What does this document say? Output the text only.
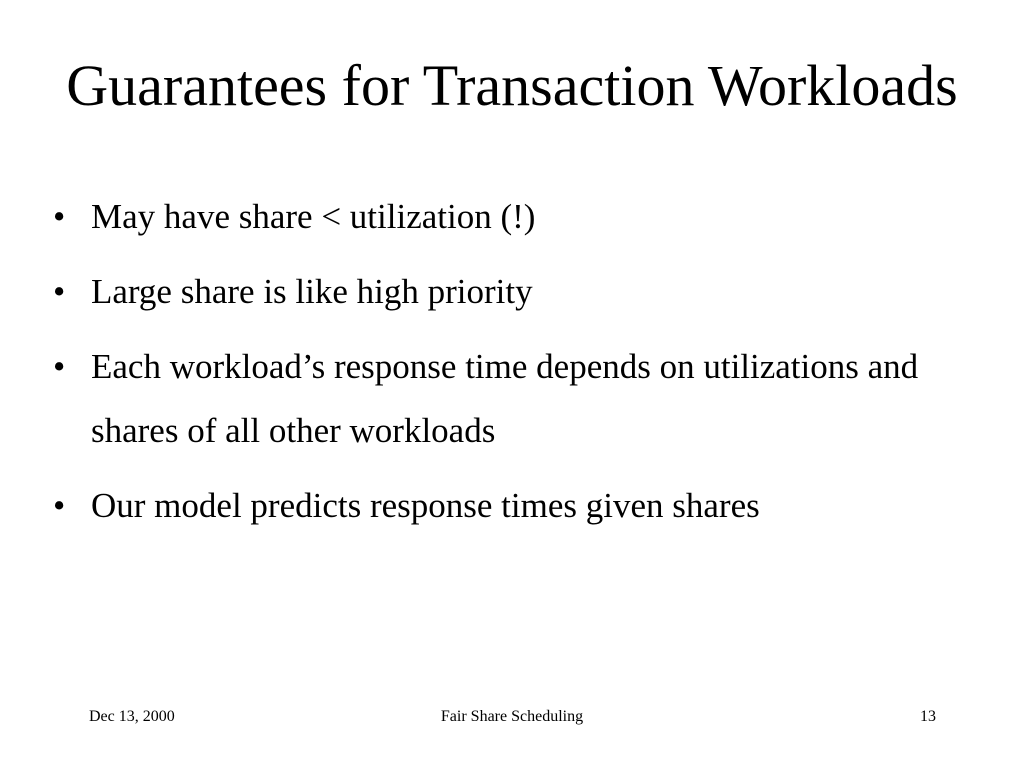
Guarantees for Transaction Workloads
• May have share < utilization (!)
• Large share is like high priority
• Each workload’s response time depends on utilizations and shares of all other workloads
• Our model predicts response times given shares
Dec 13, 2000	Fair Share Scheduling	13
